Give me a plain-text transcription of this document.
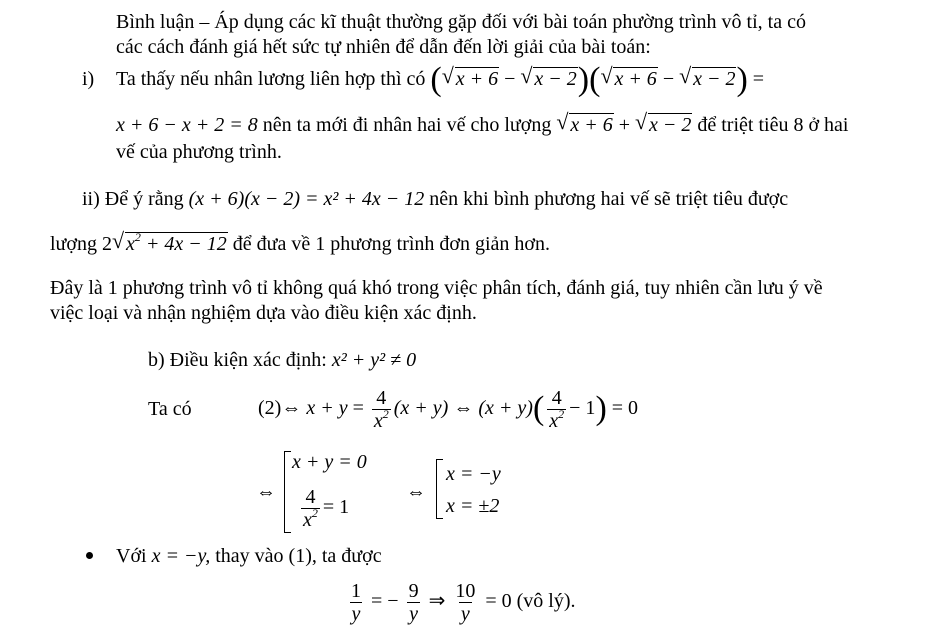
Bình luận – Áp dụng các kĩ thuật thường gặp đối với bài toán phường trình vô tỉ, ta có
các cách đánh giá hết sức tự nhiên để dẫn đến lời giải của bài toán:
i) Ta thấy nếu nhân lương liên hợp thì có ( √ x + 6 − √ x − 2)( √ x + 6 − √ x − 2) =
x + 6 − x + 2 = 8 nên ta mới đi nhân hai vế cho lượng √ x + 6 + √ x − 2 để triệt tiêu 8 ở hai
vế của phương trình.
ii) Để ý rằng (x + 6)(x − 2) = x² + 4x − 12 nên khi bình phương hai vế sẽ triệt tiêu được
lượng 2 √ $x^2 + 4x - 12$ để đưa về 1 phương trình đơn giản hơn.
Đây là 1 phương trình vô tỉ không quá khó trong việc phân tích, đánh giá, tuy nhiên cần lưu ý về
việc loại và nhận nghiệm dựa vào điều kiện xác định.
b) Điều kiện xác định: x² + y² ≠ 0
Ta có	(2)⇔ $x + y = \frac{4}{x^2} (x + y)$ ⇔ $(x + y)( \frac{4}{x^2} - 1) = 0$
⇔
x + y = 0
$\frac{4}{x^2} = 1$
⇔
x = −y
x = ±2
Với x = −y, thay vào (1), ta được
$\frac{1}{y}$ = − $\frac{9}{y}$ ⇒ $\frac{10}{y} = 0$ (vô lý).
